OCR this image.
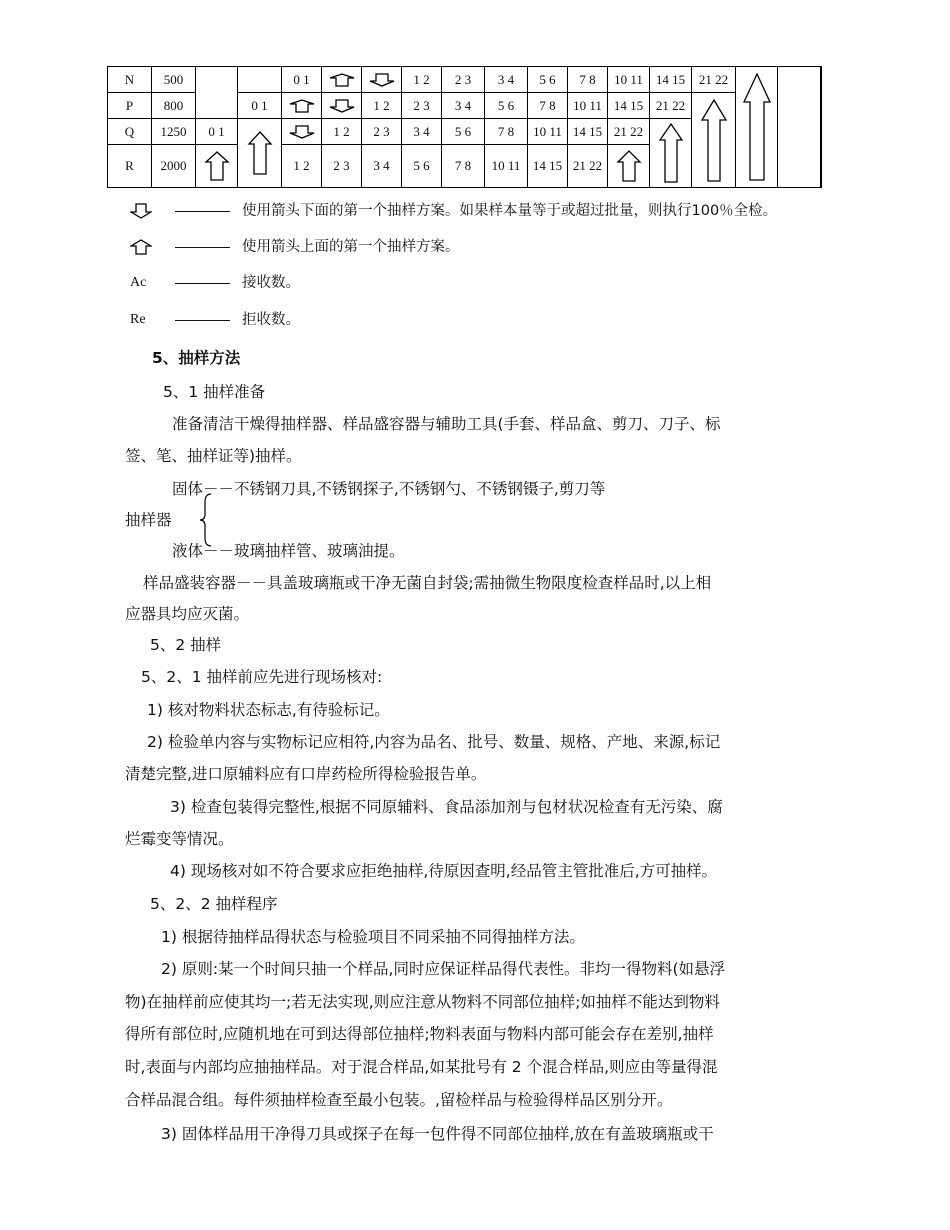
N	500			0 1			1 2	2 3	3 4	5 6	7 8	10 11	14 15	21 22	

P	800		0 1			1 2	2 3	3 4	5 6	7 8	10 11	14 15	21 22	

Q	1250	0 1			1 2	2 3	3 4	5 6	7 8	10 11	14 15	21 22	

R	2000			1 2	2 3	3 4	5 6	7 8	10 11	14 15	21 22	
使用箭头下面的第一个抽样方案。如果样本量等于或超过批量，则执行100％全检。
使用箭头上面的第一个抽样方案。
Ac	接收数。
Re	拒收数。
5、抽样方法
5、1 抽样准备
准备清洁干燥得抽样器、样品盛容器与辅助工具(手套、样品盒、剪刀、刀子、标
签、笔、抽样证等)抽样。
固体－－不锈钢刀具,不锈钢探子,不锈钢勺、不锈钢镊子,剪刀等
抽样器
液体－－玻璃抽样管、玻璃油提。
样品盛装容器－－具盖玻璃瓶或干净无菌自封袋;需抽微生物限度检查样品时,以上相
应器具均应灭菌。
5、2 抽样
5、2、1 抽样前应先进行现场核对:
1) 核对物料状态标志,有待验标记。
2) 检验单内容与实物标记应相符,内容为品名、批号、数量、规格、产地、来源,标记
清楚完整,进口原辅料应有口岸药检所得检验报告单。
3) 检查包装得完整性,根据不同原辅料、食品添加剂与包材状况检查有无污染、腐
烂霉变等情况。
4) 现场核对如不符合要求应拒绝抽样,待原因查明,经品管主管批准后,方可抽样。
5、2、2 抽样程序
1) 根据待抽样品得状态与检验项目不同采抽不同得抽样方法。
2) 原则:某一个时间只抽一个样品,同时应保证样品得代表性。非均一得物料(如悬浮
物)在抽样前应使其均一;若无法实现,则应注意从物料不同部位抽样;如抽样不能达到物料
得所有部位时,应随机地在可到达得部位抽样;物料表面与物料内部可能会存在差别,抽样
时,表面与内部均应抽抽样品。对于混合样品,如某批号有 2 个混合样品,则应由等量得混
合样品混合组。每件须抽样检查至最小包装。,留检样品与检验得样品区别分开。
3) 固体样品用干净得刀具或探子在每一包件得不同部位抽样,放在有盖玻璃瓶或干
